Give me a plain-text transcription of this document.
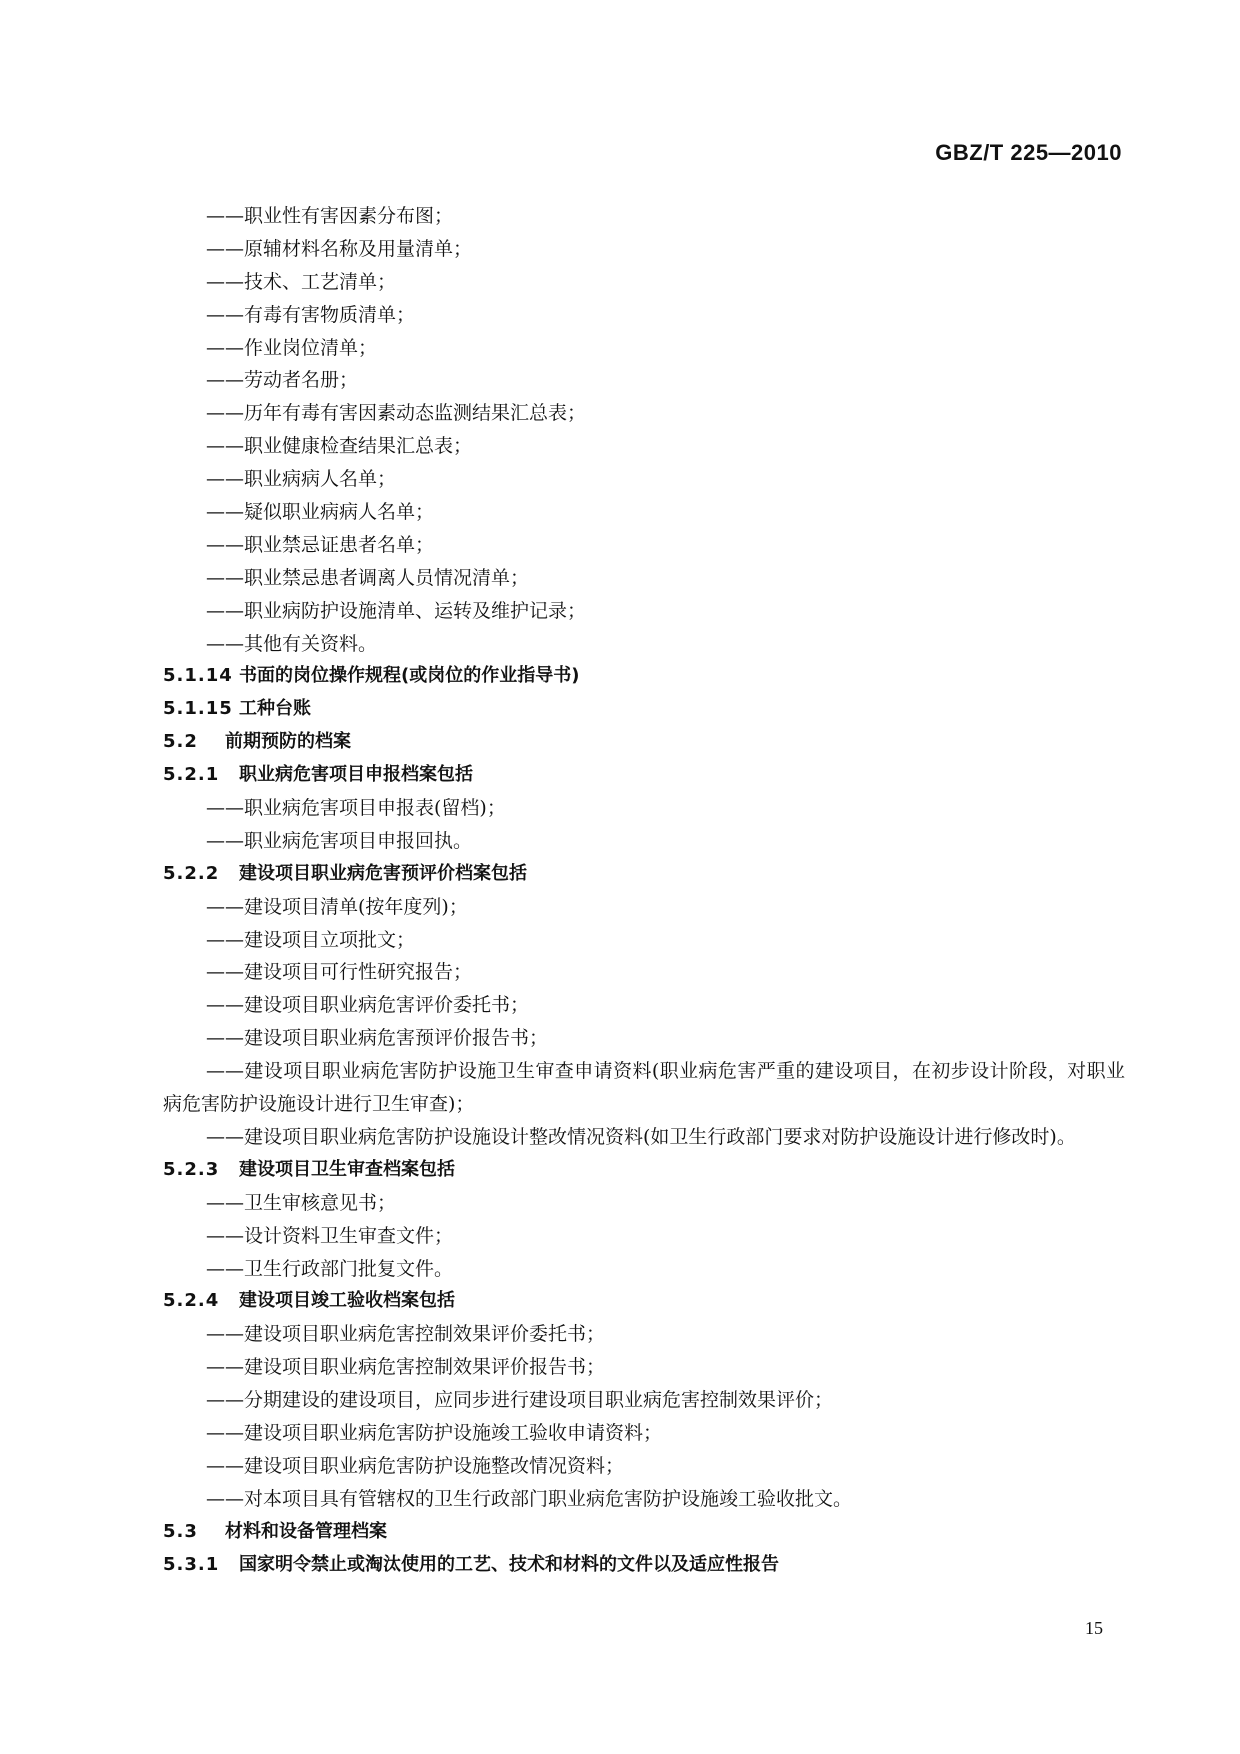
GBZ/T 225—2010
——职业性有害因素分布图；
——原辅材料名称及用量清单；
——技术、工艺清单；
——有毒有害物质清单；
——作业岗位清单；
——劳动者名册；
——历年有毒有害因素动态监测结果汇总表；
——职业健康检查结果汇总表；
——职业病病人名单；
——疑似职业病病人名单；
——职业禁忌证患者名单；
——职业禁忌患者调离人员情况清单；
——职业病防护设施清单、运转及维护记录；
——其他有关资料。
5.1.14 书面的岗位操作规程(或岗位的作业指导书)
5.1.15 工种台账
5.2 前期预防的档案
5.2.1 职业病危害项目申报档案包括
——职业病危害项目申报表(留档)；
——职业病危害项目申报回执。
5.2.2 建设项目职业病危害预评价档案包括
——建设项目清单(按年度列)；
——建设项目立项批文；
——建设项目可行性研究报告；
——建设项目职业病危害评价委托书；
——建设项目职业病危害预评价报告书；
——建设项目职业病危害防护设施卫生审查申请资料(职业病危害严重的建设项目，在初步设计阶段，对职业病危害防护设施设计进行卫生审查)；
——建设项目职业病危害防护设施设计整改情况资料(如卫生行政部门要求对防护设施设计进行修改时)。
5.2.3 建设项目卫生审查档案包括
——卫生审核意见书；
——设计资料卫生审查文件；
——卫生行政部门批复文件。
5.2.4 建设项目竣工验收档案包括
——建设项目职业病危害控制效果评价委托书；
——建设项目职业病危害控制效果评价报告书；
——分期建设的建设项目，应同步进行建设项目职业病危害控制效果评价；
——建设项目职业病危害防护设施竣工验收申请资料；
——建设项目职业病危害防护设施整改情况资料；
——对本项目具有管辖权的卫生行政部门职业病危害防护设施竣工验收批文。
5.3 材料和设备管理档案
5.3.1 国家明令禁止或淘汰使用的工艺、技术和材料的文件以及适应性报告
15
